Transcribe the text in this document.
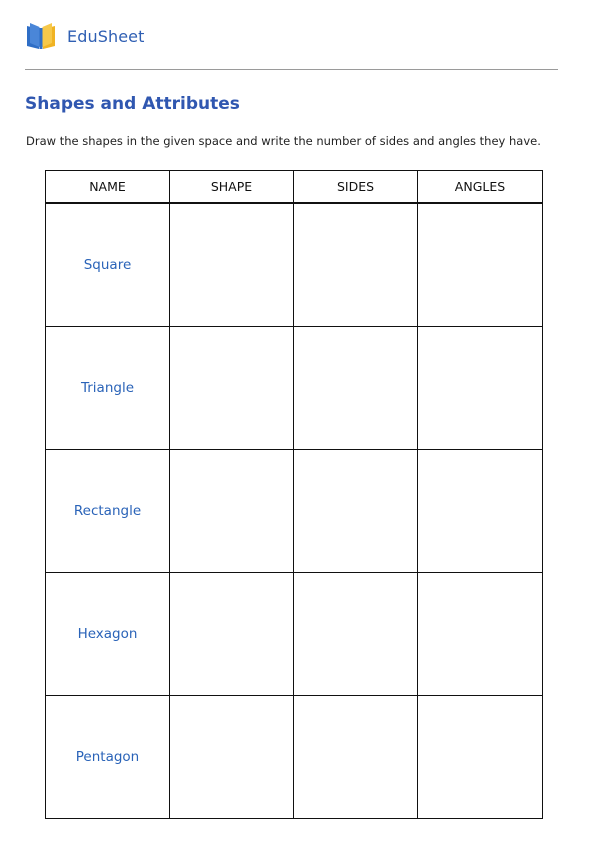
EduSheet
Shapes and Attributes

Draw the shapes in the given space and write the number of sides and angles they have.

NAME	SHAPE	SIDES	ANGLES
Square			
Triangle			
Rectangle			
Hexagon			
Pentagon			
